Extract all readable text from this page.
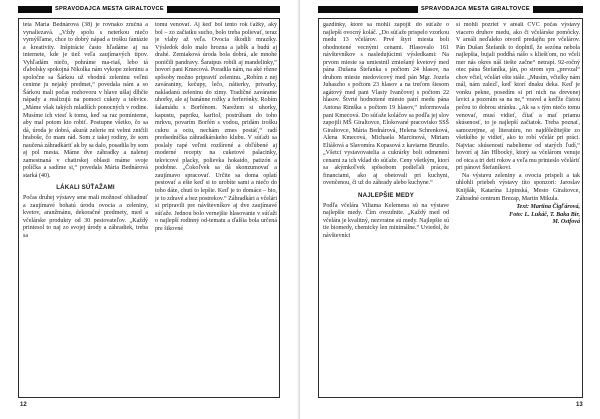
SPRAVODAJCA MESTA GIRALTOVCE

teta Mária Bednárová (38) je rovnako zručná a vynaliezavá. „Vždy spolu s neterkou niečo vymýšľame, chce to dobrý nápad a trošku fantázie a kreativity. Inšpirácie často hľadáme aj na internete, kde je tiež veľa zaujímavých tipov. Vyhľadám niečo, pohráme ma-riaš, lebo tá ďabolsky spokojná Nikolka nám vykope zeleninu a spoločne sa Šárkou už vhodnú zeleninu veľmi cenime ju nejaký predmet,“ povedala nám a so Šárkou mali počas rozhovoru v hlave ušlaj dlhčie nápady a realizujú na pomoci cukety a tekvice. „Máme však takých mladších ponocných v rodine. Musíme ich viesť k tomu, keď sa raz pomínieme, aby mal potom kto robiť. Postupne všetko, čo sa dá, úroda je dobrá, akurát zelerie mi velmi zničili hraboše, čo mam rád. Som z takej rodiny, že som naučená záhradkáriť ak by sa dalo, posadila by som aj pol mesta. Máme dve záhradky a nalenej zamestnaná v chatirskej oblasti máme svoje políčka a sadíme si,“ povedala Mária Bednárová starká (40).

LÁKALI SÚŤAŽAMI

Počas druhej výstavy sme mali možnosť ohliadnuť a zaujímavé bohatú úrodu ovocia a zeleniny, kvetov, aranžmánu, dekoračné predmety, med a včelárske produkty od 30 pestovateľov. „Každý priniesol to naj zo svojej úrody a záhradiek, treba sa

tomu venovať. Aj keď bol tento rok ťažký, aký bol – zo začiatku sucho, bolo treba polievať, teraz je vlahy až veľa. Ovocia škodili mrazíky. Výsledok dolo malo hrozna a jabĺk a budú aj drahé. Zemiaková úroda bola dobrá, ale mnohé poničili pandravy. Šaratpus robili aj mandelinky,“ hovorí pani Kmecová. Poradila nám, na aké rôzne spôsoby možno pripraviť zeleninu. „Robím z nej zaváraniny, kečupy, lečo, nátierky, privarky, nakladanú zeleninu do zimy. Tradičné zavárame uhorky, ale aj banánne rožky a ferferónky. Robím šalamádu s Borfénom. Narežem si uhorky, kapustu, papriku, karfiol, postrúham do toho mrkvu, povarím Borfén s vodou, pridám trošku cukru a octu, nechám zmes postáť,“ radí predsedníčka záhradkárskeho klubu. V súťaži sa poslaly rapé veľmi rozšírené a obľúbené aj moderné recepty na cuketové palacinky, tekvicové placky, polievka hokaido, patizón a podobne. „Čokoľvek sa dá skonzumovať a zaujímavo spracovať. Určite sa doma oplatí pestovať a ešte keď si to urobíte sami a niečo do toho dáte, chutí to lepšie. Keď je to domáce – bio, je to zdravé a bez postrekov.“ Záhradkári a včelári si pripravili pre návštevníkov aj dve zaujímavé súťaže. Jednou bolo vernejšie hlasovanie v súťaži o najlepší rodinný od-tematu a ďalšia bola určená pre šikovné

12
SPRAVODAJCA MESTA GIRALTOVCE

gazdinky, ktoré sa mohli zapojiť do súťaže o najlepší ovocný koláč. „Do súťaže prispelo vzorkou medu 13 včelárov. Prvé štyri miesta boli ohodnotené vecnými cenami. Hlasovalo 161 návštevníkov s nasledujúcimi výsledkami: Na prvom mieste sa umiestnil zmiešaný kvetový med pána Dušana Štefanka s počtom 24 hlasov, na druhom mieste medovicový med pán Mgr. Jozefa Juhaszho s počtom 23 hlasov a na treťom šiesom agátový med pani Vlasty Ivančovej s počtom 22 hlasov. Štvrté hodnotené miesto patrí medu pána Antona Rimška s počtom 19 hlasov,“ informovala pani Kmecová. Do súťaže koláčov sa podľa jej slov zapojili MŠ Giraltovce, Elokované pracovisko SSŠ Giraltovce, Mária Bednárová, Helena Schrenková, Alena Kmecová, Michaela Marcinová, Miriam Eliášová a Slavomíra Kopasová z kaviarne Brunilo. „Všetci vystavovatelia a cukrárky boli odmenení cenami za ich vklad do súťaže. Ceny všetkým, ktorí sa akýmkoľvek spôsobom podieľali prácou, financiami, ako aj obetovali pri kuchyni, ovenčenou, či už do záhrady alebo kuchyne.“

NAJLEPŠIE MEDY

Podľa včelára Viliama Kelemena sú na výstave najlepšie medy. Čím ovezdnite. „Každý med od včelára je kvalitný, nezvratne sú medy. Najlepšie sú tie biomedy, chemicky len minimálne.“ Uviedol, že návštevníci

si mohli pozrieť v areáli CVČ počas výstavy viacero druhov medu, ako či včelárske pomôcky. V areáli neďaleko otvoril predajňu pre včelárov. Pán Dušan Štefaník to doplnil, že sezóna nebola najlepšia, bujali poddhá nášo s kliešťom, no včeli mer nás okres náš tiešte začne“ netrapí. 92-ročný otec pána Štefaníka, ján, po strom syn „prevzal“ chov včiel, včelári ešte stále. „Musím, včielky nám mál, nám zalezľ, keď ktorí dnaku deka. Keď je vonku pekne, posedím si pri nich na drevenej lavici a pozerám sa na ne,“ vravel a keďže čistou pečou to dobrou stránku. „Ak sa s tým niečo tomu venovať, musí vidieť, čítať a mať priamu skúsenosť, to je najlepší začiatok. Treba poznať, samozrejme, aj literatúru, no najdôležitejšie zo všetkého je vidieť, ako to robí včelár pri práci. Najviac skúseností nabelieme od starých ľudí,“ hovorí aj Ján Hlbocký, ktorý sa včelárom venuje od otca a tri deti rokov a veľa mu prinieslo včeláriť pri pánovi Štefaníkovi.

Na výstavu zeleniny a ovocia prispeli a tak uhlohli priebeh výstavy títo sponzori: Jaroslav Knijšák, Katarína Lipinská, Mesto Giraltovce, Záhradné centrum Brezap, Martin Mikula.

Text: Martina Čigľárová,
Foto: L. Lukáč, T. Baka Bir,
M. Ostfová
13
